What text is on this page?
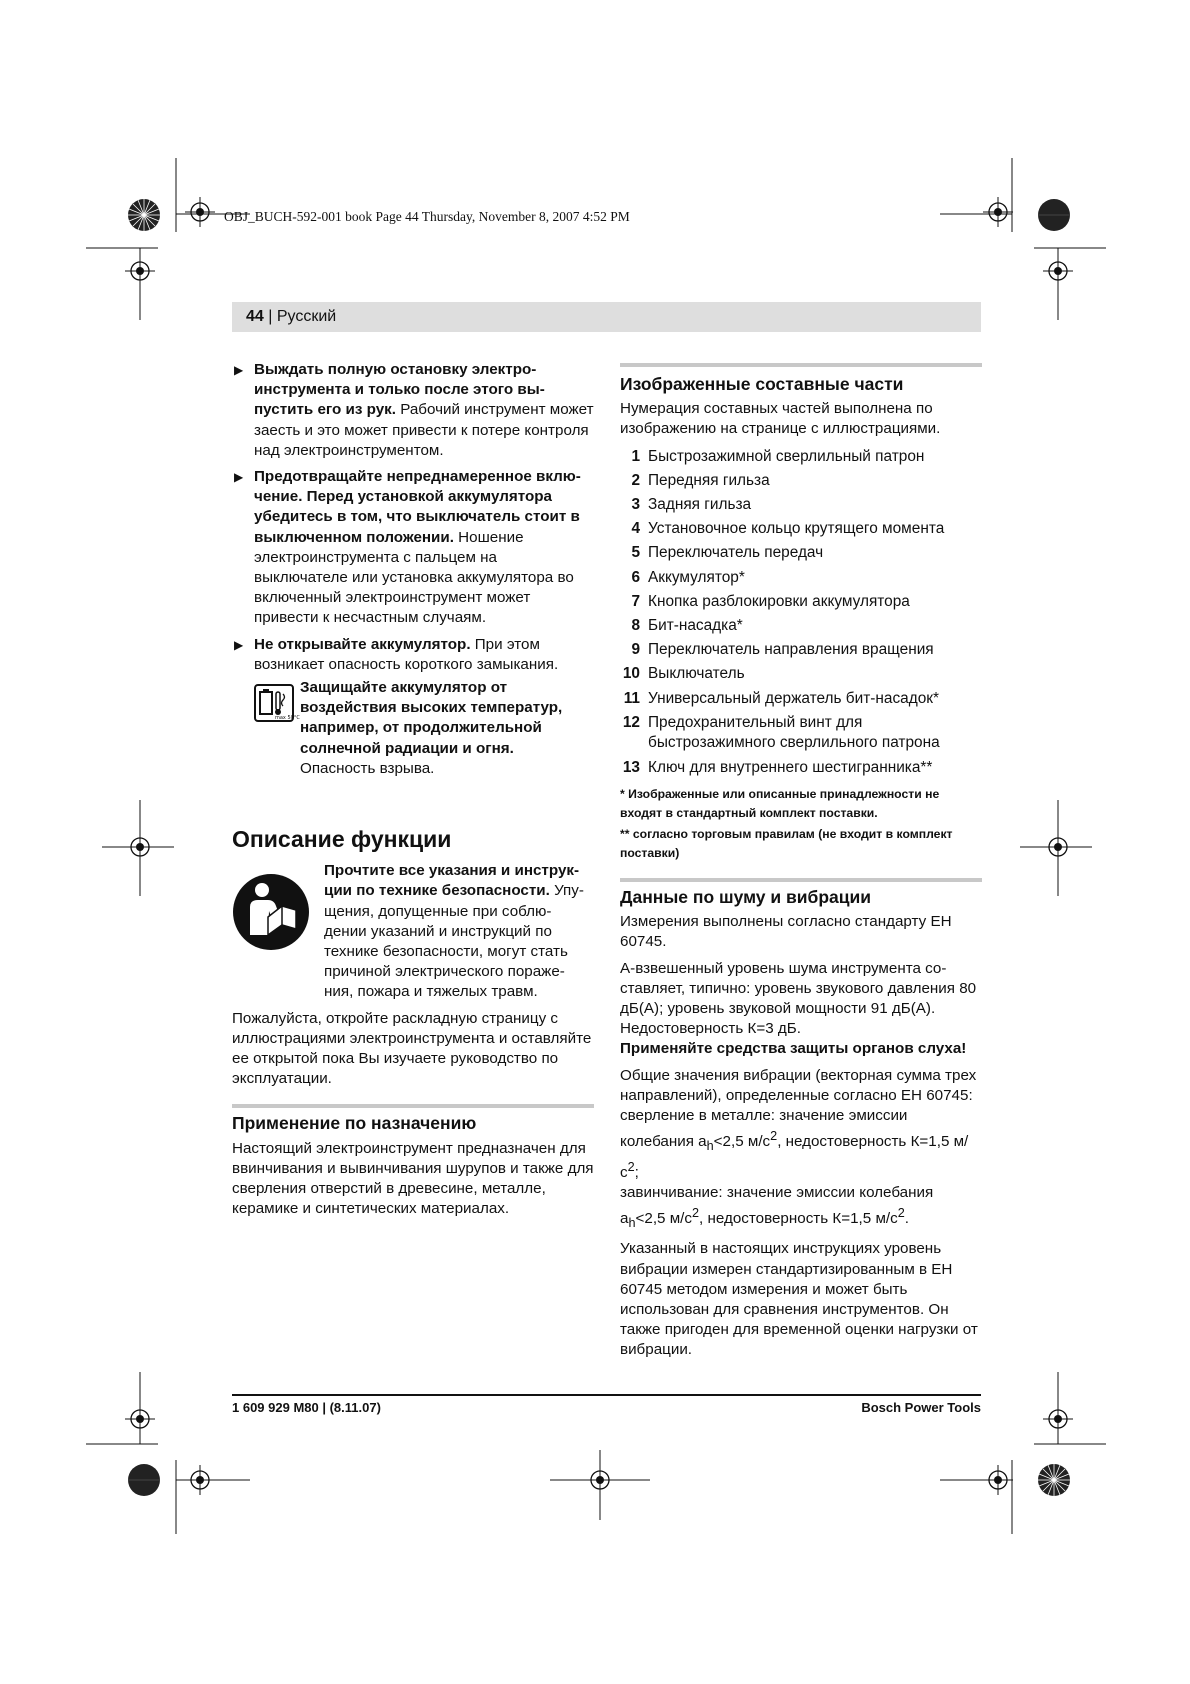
OBJ_BUCH-592-001 book Page 44 Thursday, November 8, 2007 4:52 PM
44 | Русский
▶ Выждать полную остановку электро-инструмента и только после этого вы-пустить его из рук. Рабочий инструмент может заесть и это может привести к потере контроля над электроинструментом.
▶ Предотвращайте непреднамеренное вклю-чение. Перед установкой аккумулятора убедитесь в том, что выключатель стоит в выключенном положении. Ношение электроинструмента с пальцем на выключателе или установка аккумулятора во включенный электроинструмент может привести к несчастным случаям.
▶ Не открывайте аккумулятор. При этом возникает опасность короткого замыкания.
max 50°C

Защищайте аккумулятор от воздействия высоких температур, например, от продолжительной солнечной радиации и огня.
Опасность взрыва.

Описание функции

Прочтите все указания и инструк-ции по технике безопасности. Упу-щения, допущенные при соблю-дении указаний и инструкций по технике безопасности, могут стать причиной электрического пораже-ния, пожара и тяжелых травм.

Пожалуйста, откройте раскладную страницу с иллюстрациями электроинструмента и оставляйте ее открытой пока Вы изучаете руководство по эксплуатации.

Применение по назначению

Настоящий электроинструмент предназначен для ввинчивания и вывинчивания шурупов и также для сверления отверстий в древесине, металле, керамике и синтетических материалах.

Изображенные составные части

Нумерация составных частей выполнена по изображению на странице с иллюстрациями.

1 Быстрозажимной сверлильный патрон
2 Передняя гильза
3 Задняя гильза
4 Установочное кольцо крутящего момента
5 Переключатель передач
6 Аккумулятор*
7 Кнопка разблокировки аккумулятора
8 Бит-насадка*
9 Переключатель направления вращения
10 Выключатель
11 Универсальный держатель бит-насадок*
12 Предохранительный винт для быстрозажимного сверлильного патрона
13 Ключ для внутреннего шестигранника**

* Изображенные или описанные принадлежности не входят в стандартный комплект поставки.

** согласно торговым правилам (не входит в комплект поставки)

Данные по шуму и вибрации

Измерения выполнены согласно стандарту ЕН 60745.

А-взвешенный уровень шума инструмента со-ставляет, типично: уровень звукового давления 80 дБ(А); уровень звуковой мощности 91 дБ(А). Недостоверность К=3 дБ.

Применяйте средства защиты органов слуха!

Общие значения вибрации (векторная сумма трех направлений), определенные согласно ЕН 60745:

сверление в металле: значение эмиссии колебания $a_h<2,5$ $м/с^2$, недостоверность К=1,5 $м/с^2$;

завинчивание: значение эмиссии колебания $a_h<2,5$ $м/с^2$, недостоверность К=1,5 $м/с^2$.

Указанный в настоящих инструкциях уровень вибрации измерен стандартизированным в ЕН 60745 методом измерения и может быть использован для сравнения инструментов. Он также пригоден для временной оценки нагрузки от вибрации.

1 609 929 M80 | (8.11.07)	Bosch Power Tools
